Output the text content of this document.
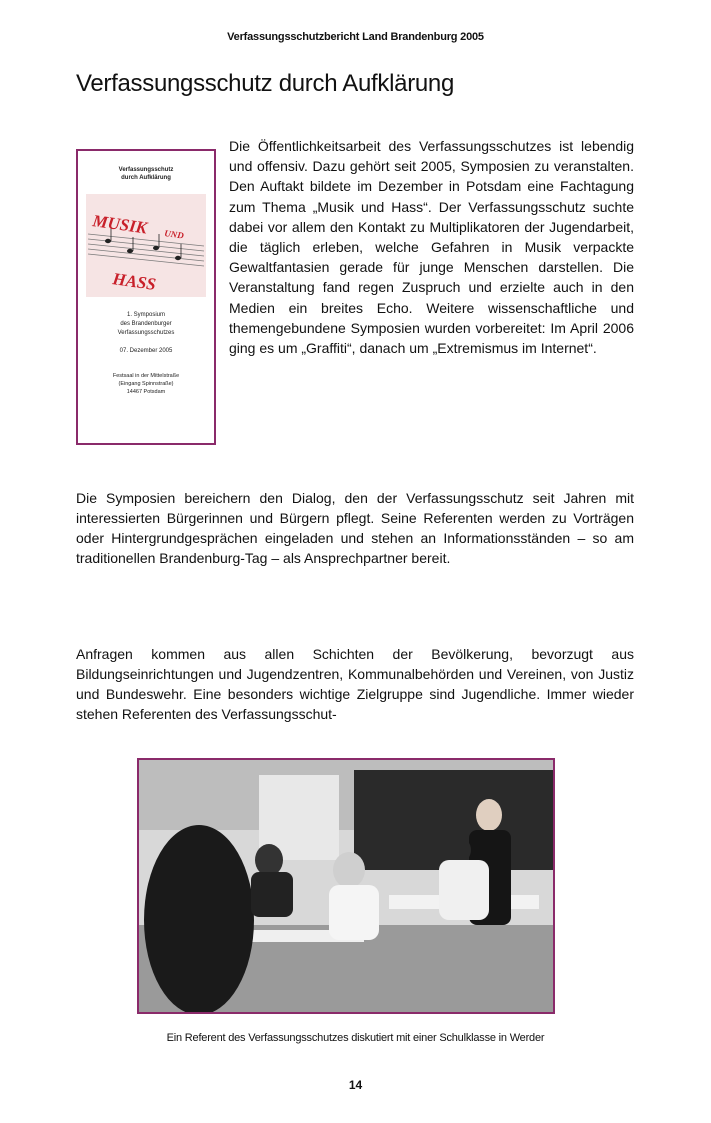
Verfassungsschutzbericht Land Brandenburg 2005
Verfassungsschutz durch Aufklärung
Verfassungsschutz
durch Aufklärung
MUSIK UND
HASS
1. Symposium
des Brandenburger
Verfassungsschutzes
07. Dezember 2005
Festsaal in der Mittelstraße
(Eingang Spinnstraße)
14467 Potsdam

Die Öffentlichkeitsarbeit des Verfassungsschutzes ist lebendig und offensiv. Dazu gehört seit 2005, Symposien zu veranstalten. Den Auftakt bildete im Dezember in Potsdam eine Fachtagung zum Thema „Musik und Hass“. Der Verfassungsschutz suchte dabei vor allem den Kontakt zu Multiplikatoren der Jugendarbeit, die täglich erleben, welche Gefahren in Musik verpackte Gewaltfantasien gerade für junge Menschen darstellen. Die Veranstaltung fand regen Zuspruch und erzielte auch in den Medien ein breites Echo. Weitere wissenschaftliche und themengebundene Symposien wurden vorbereitet: Im April 2006 ging es um „Graffiti“, danach um „Extremismus im Internet“.

Die Symposien bereichern den Dialog, den der Verfassungsschutz seit Jahren mit interessierten Bürgerinnen und Bürgern pflegt. Seine Referenten werden zu Vorträgen oder Hintergrundgesprächen eingeladen und stehen an Informationsständen – so am traditionellen Brandenburg-Tag – als Ansprechpartner bereit.

Anfragen kommen aus allen Schichten der Bevölkerung, bevorzugt aus Bildungseinrichtungen und Jugendzentren, Kommunalbehörden und Vereinen, von Justiz und Bundeswehr. Eine besonders wichtige Zielgruppe sind Jugendliche. Immer wieder stehen Referenten des Verfassungsschut-

Ein Referent des Verfassungsschutzes diskutiert mit einer Schulklasse in Werder
14
